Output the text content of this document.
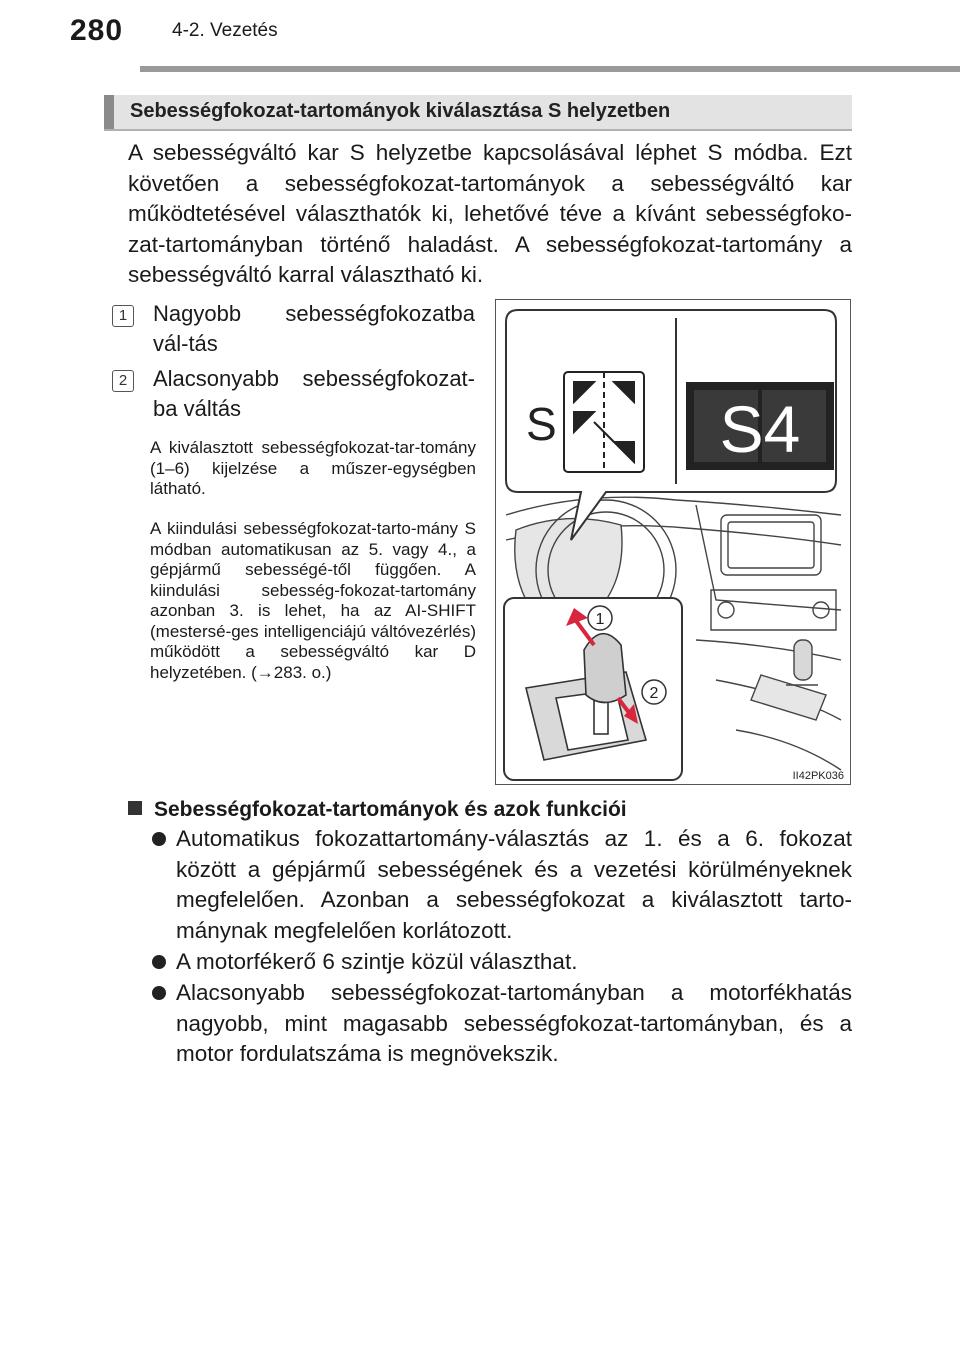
280	4-2. Vezetés
Sebességfokozat-tartományok kiválasztása S helyzetben
A sebességváltó kar S helyzetbe kapcsolásával léphet S módba. Ezt követően a sebességfokozat-tartományok a sebességváltó kar működtetésével választhatók ki, lehetővé téve a kívánt sebességfoko-zat-tartományban történő haladást. A sebességfokozat-tartomány a sebességváltó karral választható ki.
1	Nagyobb sebességfokozatba vál-tás
2	Alacsonyabb sebességfokozat-ba váltás
A kiválasztott sebességfokozat-tar-tomány (1–6) kijelzése a műszer-egységben látható.
A kiindulási sebességfokozat-tarto-mány S módban automatikusan az 5. vagy 4., a gépjármű sebességé-től függően. A kiindulási sebesség-fokozat-tartomány azonban 3. is lehet, ha az AI-SHIFT (mestersé-ges intelligenciájú váltóvezérlés) működött a sebességváltó kar D helyzetében. (→283. o.)
S S4
1
2
II42PK036
Sebességfokozat-tartományok és azok funkciói
Automatikus fokozattartomány-választás az 1. és a 6. fokozat között a gépjármű sebességének és a vezetési körülményeknek megfelelően. Azonban a sebességfokozat a kiválasztott tarto-mánynak megfelelően korlátozott.
A motorfékerő 6 szintje közül választhat.
Alacsonyabb sebességfokozat-tartományban a motorfékhatás nagyobb, mint magasabb sebességfokozat-tartományban, és a motor fordulatszáma is megnövekszik.
